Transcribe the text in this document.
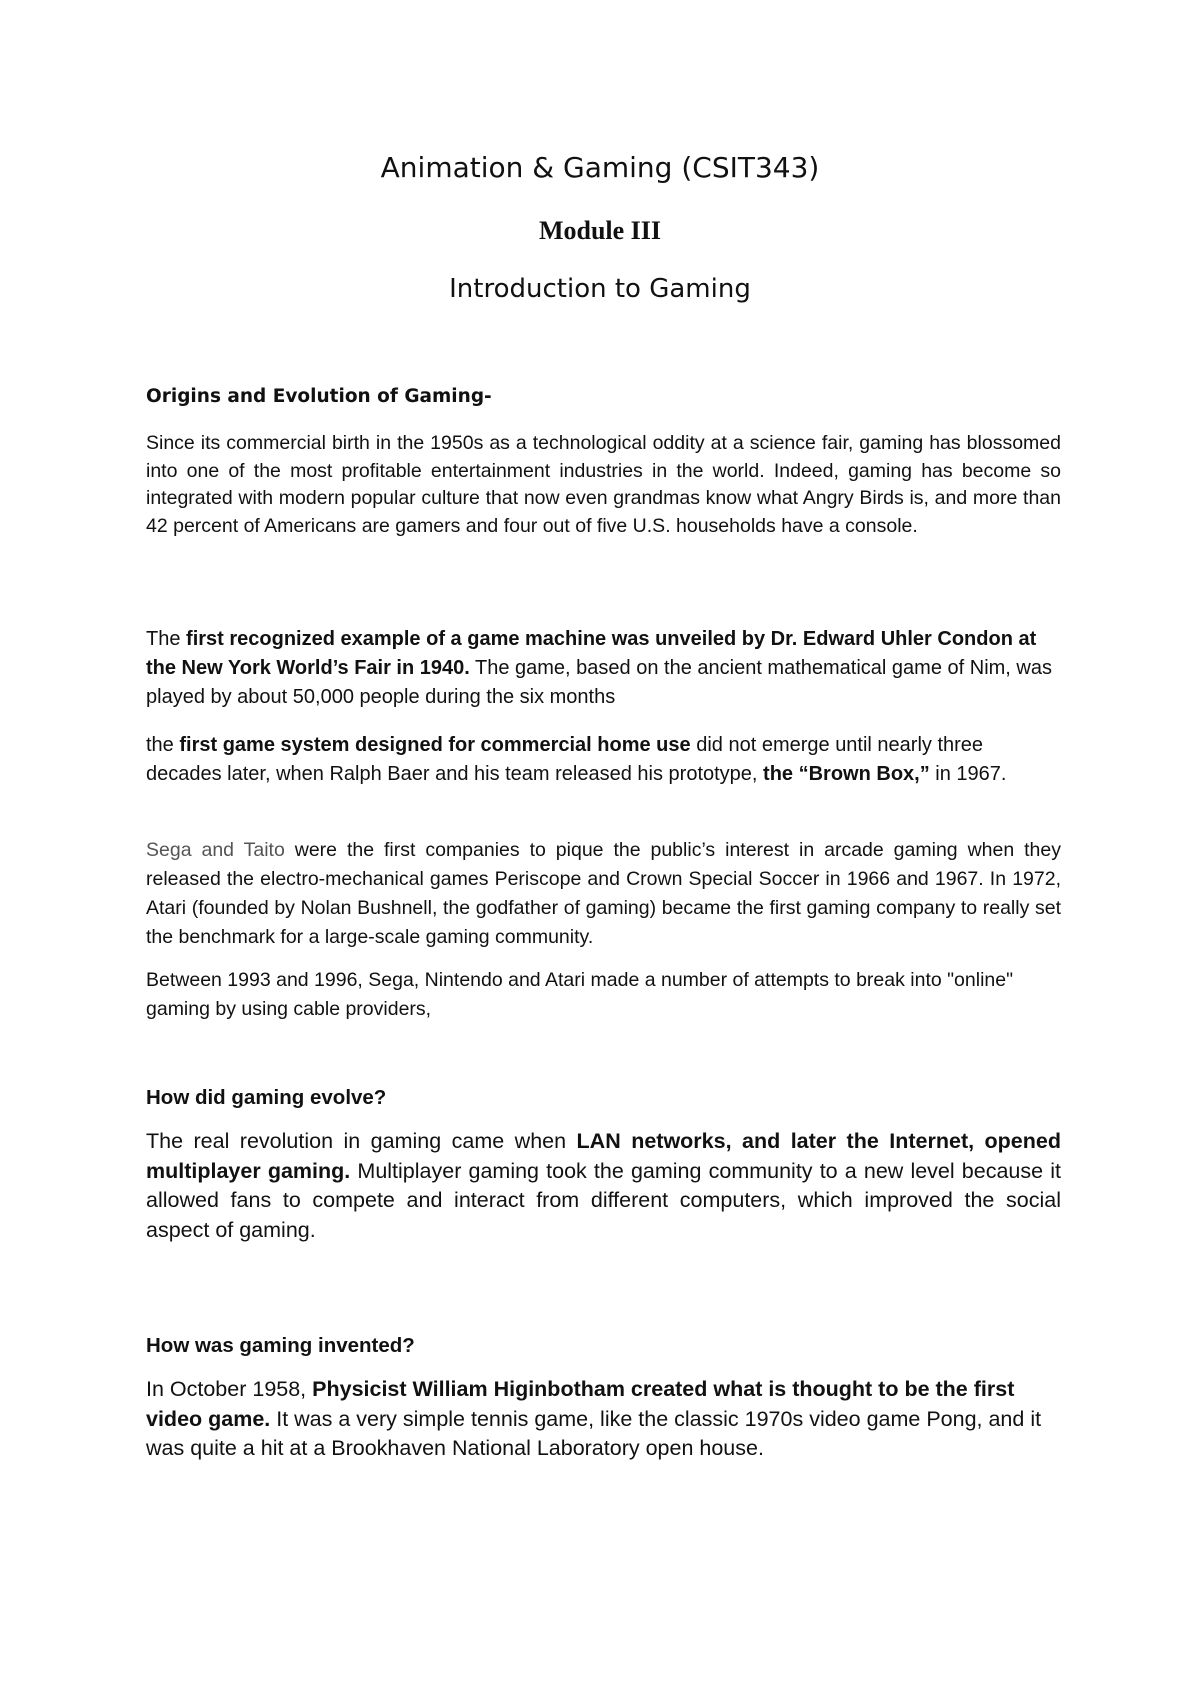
Animation & Gaming (CSIT343)
Module III
Introduction to Gaming
Origins and Evolution of Gaming-
Since its commercial birth in the 1950s as a technological oddity at a science fair, gaming has blossomed into one of the most profitable entertainment industries in the world. Indeed, gaming has become so integrated with modern popular culture that now even grandmas know what Angry Birds is, and more than 42 percent of Americans are gamers and four out of five U.S. households have a console.
The first recognized example of a game machine was unveiled by Dr. Edward Uhler Condon at the New York World’s Fair in 1940. The game, based on the ancient mathematical game of Nim, was played by about 50,000 people during the six months
the first game system designed for commercial home use did not emerge until nearly three decades later, when Ralph Baer and his team released his prototype, the “Brown Box,” in 1967.
Sega and Taito were the first companies to pique the public’s interest in arcade gaming when they released the electro-mechanical games Periscope and Crown Special Soccer in 1966 and 1967. In 1972, Atari (founded by Nolan Bushnell, the godfather of gaming) became the first gaming company to really set the benchmark for a large-scale gaming community.
Between 1993 and 1996, Sega, Nintendo and Atari made a number of attempts to break into "online" gaming by using cable providers,
How did gaming evolve?
The real revolution in gaming came when LAN networks, and later the Internet, opened multiplayer gaming. Multiplayer gaming took the gaming community to a new level because it allowed fans to compete and interact from different computers, which improved the social aspect of gaming.
How was gaming invented?
In October 1958, Physicist William Higinbotham created what is thought to be the first video game. It was a very simple tennis game, like the classic 1970s video game Pong, and it was quite a hit at a Brookhaven National Laboratory open house.
